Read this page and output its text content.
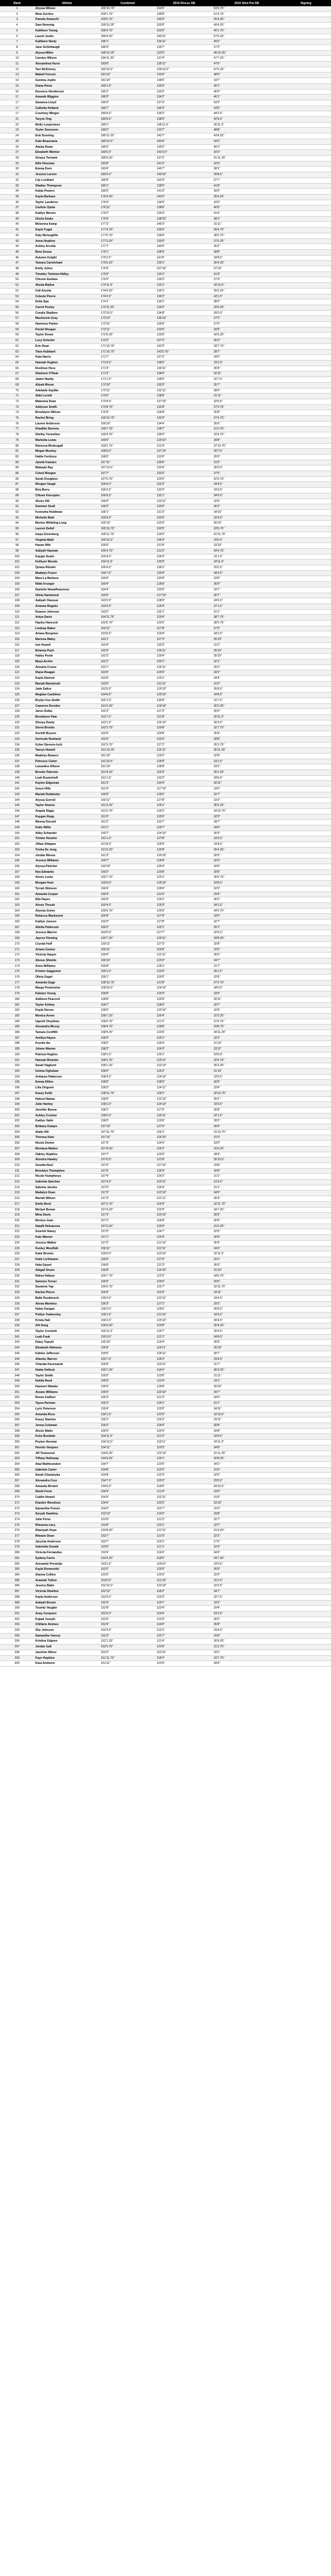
Rank	Athlete	Combined	2016 Discus SB	2016 Shot Put SB	Signing
1	Alyssa Wilson	200'10.75"	150'5"	53'0.75"	
2	Meia Gordon	200'1.75"	148'8"	51'4.75"	
3	Pamela Amaechi	200'0.75"	146'5"	55'4.25"	
4	Sam Noennig	199'10.25"	150'5"	49'4.25"	
5	Kathleen Young	200'4.75"	153'0"	46'1.75"	
6	Laurel Joslin	189'4.25"	140'11"	57'5.25"	
7	Kathleen Neely	186'1"	136'11"	49'2"	
8	Jane Schlobaugh	186'3"	139'7"	37'2"	
9	Alyssa Miller	186'10.25"	133'0"	46'10.25"	
10	Carolyn Wilson	184'11.25"	137'4"	47'7.25"	
11	Alexandrea Hurst	183'6"	135'11"	47'6"	
12	Taci McKinney	183'10.5"	136'10.5"	47'2.25"	
13	Mabell Forrest	181'10"	133'4"	48'6"	
14	Gemma Joplin	181'10"	138'6"	43'7"	
15	Kiana Pinck	180'1.5"	135'0"	45'1"	
16	Devonce Henderson	180'1"	133'2"	46'9"	
17	Amarah Wiggins	180'3"	134'2"	46'1"	
17	Savanna Lloyd	180'3"	137'3"	43'0"	
17	Cathelia Holland	180'7"	146'2"	43'5"	
17	Courtney Winger	180'4.5"	136'2"	44'2.5"	
21	Taryne Ong	180'6.5"	138'0"	42'6.5"	
22	Molly Lesperance	180'1"	148'11.5"	36'11.5"	
23	Teyler Sorenson	180'2"	133'7"	48'8"	
24	Erin Dunning	180'11.25"	143'7"	43'4.25"	
25	Kate Beaucama	180'10.5"	140'4"	44'2"	
26	Alaina Rowe	180'2"	135'0"	45'2"	
27	Elizabeth Weimer	180'6.5"	143'3.5"	43'3"	
28	Ginaca Tennant	180'6.25"	137'2"	41'11.25"	
29	Ellie Kleeman	183'8"	141'2"	42'6"	
30	Emma Dorn	183'4"	145'7"	38'1"	
31	Jessica Larson	180'6.5"	140'10"	39'8.5"	
32	Lily Lockhart	180'4"	143'3"	37'7"	
33	Shailey Thompson	180'1"	138'5"	41'8"	
34	Kahja Powers	180'6"	141'0"	39'6"	
35	Kayla Barbara	176'4.25"	140'2"	35'4.25"	
36	Taylor Landeros	176'4"	134'4"	43'0"	
37	Carlisle Ojeda	176'11"	138'6"	40'6"	
38	Kaitlyn Morelo	176'2"	136'3"	41'4"	
39	Gloria Seaks	176'0"	138'10"	38'1"	
40	Mckenna Kamp	177'2"	145'3"	31'11"	
41	Kayle Fugal	177'4.75"	136'0"	39'4.75"	
42	Katy Mcloughlin	177'6.75"	139'4"	38'2.75"	
43	Anna Hopkins	177'3.25"	139'9"	37'6.25"	
44	Ashley Arcelia	177'7"	144'6"	36'2"	
45	Brea Sousa	176'1"	138'5"	38'8"	
46	Autumn Knight	175'2.5"	141'6"	34'8.5"	
47	Tamara Carmichael	175'5.25"	139'1"	36'4.25"	
48	Emily Johns	175'4"	137'10"	37'10"	
49	Timothy Tinheim-Hidley	175'9"	134'1"	41'8"	
50	Chisom Ezekwe	174'0"	136'3"	37'9"	
51	Akeda Mallon	174'11.5"	132'1"	42'10.5"	
52	Cali Anzola	174'4.25"	135'1"	39'3.25"	
53	Celeste Pierce	174'2.5"	130'2"	43'1.5"	
54	Delia Spa	174'1"	136'1"	38'0"	
55	Carrol Posley	173'11.25"	134'2"	39'9.25"	
56	Coralie Skallern	173'10.5"	134'8"	39'2.5"	
57	Mackenzie Gray	173'10"	136'10"	37'0"	
58	Harmony Parker	173'11"	136'6"	37'5"	
59	Flerah Morgan	172'11"	133'6"	39'5"	
60	Taylor Doran	172'6.25"	129'9"	42'9.25"	
61	Lucy Schreier	172'5"	137'2"	35'3"	
62	Erin Dean	171'10.75"	143'3"	28'7.75"	
63	Tiara Hubbard	171'10.75"	143'3.75"	28'7"	
64	Kaia Harris	171'7"	137'2"	34'5"	
65	Hannah Hughes	171'4.5"	138'2"	33'2.5"	
66	Destinee Hess	171'3"	134'11"	36'4"	
67	Shannon O'Neal	171'3"	138'4"	32'11"	
68	Jaden Naulty	171'1.5"	138'6"	32'7.5"	
69	Aliyah Moore	170'10"	135'3"	35'7"	
70	Adelaide Aquilla	170'11"	132'11"	38'0"	
71	Abbi Loretti	170'5"	138'6"	31'11"	
72	Makenna Dean	170'4.5"	137'10"	32'6.5"	
73	Addyson Smith	170'8.75"	132'8"	37'0.75"	
74	Brooklynn Wilson	170'4"	134'8"	35'8"	
75	Rachel Bring	169'10.75"	132'6"	37'4.75"	
76	Lauren Anderson	169'10"	134'4"	35'6"	
77	Khadilia Stevens	169'7.75"	138'7"	31'0.75"	
78	Shelby Yermetten	169'4.75"	136'0"	33'4.75"	
79	Marbella Lewis	169'6"	129'10"	39'8"	
80	Ranessa Mcdougall	169'2.75"	131'4"	37'10.75"	
81	Megan Muckey	168'5.5"	137'10"	30'7.5"	
82	Hattie Forbisce	168'6"	133'6"	35'0"	
83	Jannik Kamaro	167'11"	136'6"	31'5"	
84	Makayla Ray	167'10.5"	132'4"	35'6.5"	
85	Celest Morgan	167'7"	130'2"	37'5"	
86	Sarah Douglass	167'6.75"	125'6"	42'0.75"	
87	Morgan Vaugh	166'6.5"	132'2"	34'4.5"	
88	Bria Berry	166'3.5"	132'0"	34'3.5"	
89	Chloee Kiesspies	166'6.5"	132'1"	34'5.5"	
90	Alexis Hill	166'4"	133'11"	32'5"	
91	Summer Snell	166'2"	130'0"	36'2"	
92	Fumezha Heidtman	166'1"	131'3"	34'10"	
93	Michelle Bald	165'9.5"	133'5"	32'4.5"	
94	Myrion Wihbling-Long	165'10"	125'0"	40'10"	
95	Lauren Detlef	165'10.75"	132'5"	33'5.75"	
96	Inaya Greenberg	165'11.75"	124'0"	41'11.75"	
97	Virginia Mahl	165'10.5"	136'4"	29'6.5"	
98	Havan Witt	165'6"	131'8"	33'10"	
99	Aaliyah Hayman	165'4.75"	131'0"	34'4.75"	
100	Kaygin Avant	165'4.5"	134'3"	31'1.5"	
101	Kelliyon Woods	164'11.5"	130'0"	34'11.5"	
102	Quiara Rhoder	165'4.5"	136'2"	29'2.5"	
103	Madaiyn Frazer	164'7.5"	130'4"	34'3.5"	
104	Mara La Barbera	164'6"	130'9"	33'9"	
105	Nikki Krueger	165'4"	128'9"	36'9"	
106	Danielle Nnwafhwunenu	164'4"	130'9"	33'7"	
107	Olivia Hammond	164'5"	127'10"	36'7"	
108	Aaliyah Owusuu	163'3.5"	128'9"	34'6.5"	
109	Arianna Regalsi	163'5.5"	126'4"	37'1.5"	
110	Ryanne Johnson	163'2"	132'1"	31'1"	
111	Aniya Davis	164'11.75"	126'4"	38'7.75"	
112	Hayley Hancock	163'5.75"	125'5"	38'0.75"	
113	Lindsay Baker	164'11"	127'8"	37'3"	
114	Ariana Bergsten	163'6.5"	129'4"	34'2.5"	
115	Marissa Maley	163'1"	127'3"	35'10"	
116	Isis Howell	163'4"	133'2"	31'2"	
117	Brianna Pack	162'9"	126'11"	35'10"	
118	Hailey Poole	162'2"	126'4"	35'10"	
119	Maya Archer	162'2"	130'1"	32'1"	
120	Alondra Cruise	162'1"	126'11"	35'2"	
121	Diana Reagan	163'6"	129'4"	34'2"	
122	Kayla Steinck	163'5"	129'1"	34'4"	
123	Mariah Bartuloski	163'5"	131'11"	31'6"	
124	Jade Salice	162'6.5"	126'10"	35'8.5"	
125	Meghan Castilmer	164'6.5"	129'10"	34'8.5"	
126	Brylyn Fox-Smith	162'1.5"	130'6"	31'7.5"	
127	Cameron Deroiter	161'0.25"	124'10"	36'2.25"	
128	Jaron Dufax	162'3"	127'3"	35'0"	
129	Brooklynn Pate	162'7.5"	131'8"	30'11.5"	
130	Shreya Dewly	162'1.5"	125'10"	36'3.5"	
131	Sierra Brooks	162'3.75"	129'8"	32'7.75"	
132	Xochitl Bryson	162'0"	126'8"	35'4"	
133	Gertrude Rowland	162'0"	133'4"	28'8"	
134	Kylee Stevens-Isch	162'3.75"	127'1"	35'2.75"	
135	Taeryn Nowell	161'10.25"	125'11"	35'11.25"	
136	Madelyn Bowers	161'10"	129'2"	32'8"	
137	Princess Carter	161'10.5"	128'9"	33'1.5"	
138	Lasandus Allison	161'10"	128'8"	33'2"	
139	Brooke Patronis	161'4.25"	126'3"	35'1.25"	
140	Leah Dusterhoft	161'1.5"	133'2"	28'0.5"	
141	Kaylen Edgeman	161'3"	130'4"	30'11"	
142	Grace Hills	161'4"	127'10"	33'6"	
143	Mariah Robbisher	160'9"	128'2"	32'7"	
144	Alyssa Gorrell	160'11"	127'8"	33'3"	
145	Taylor Hearne	161'3.25"	126'1"	35'2.25"	
146	Angela Diggs	161'0.75"	126'2"	34'10.75"	
147	Kaygan Repp	161'6"	129'6"	32'0"	
148	Weena Dorsett	161'2"	132'7"	28'7"	
149	Katie Willis	161'1"	126'7"	34'6"	
150	Abby Schaedel	160'7"	124'10"	35'9"	
151	Trinten Hendon	161'1.5"	127'8"	33'5.5"	
152	Jillian Shippee	161'8.5"	128'4"	33'4.5"	
153	Trisha De Jong	161'0.25"	125'8"	35'4.25"	
154	Jordan Menue	161'3"	130'10"	30'5"	
155	Jessica Williams	160'7"	128'4"	32'3"	
156	Alyssa Pletcher	160'10"	126'4"	34'6"	
157	Nya Edwards	160'2"	129'8"	30'6"	
158	Alexis Lewis	160'7.75"	125'1"	35'6.75"	
159	Morgan Hunt	160'6.5"	126'10"	33'8.5"	
160	Tyrrah Stimson	160'4"	128'4"	32'0"	
161	Amanda Cooper	160'4"	131'0"	29'4"	
162	Ella Hayes	160'3"	124'1"	36'2"	
163	Alexis Thrush	160'4.5"	126'3"	34'1.5"	
164	Alyssia Green	160'6.75"	126'6"	34'0.75"	
165	Rebecca Mackenzie	160'9"	127'4"	33'5"	
166	Kaitlyn Jenson	160'3"	127'8"	32'7"	
167	Alietta Patterson	160'2"	125'1"	35'1"	
168	Jessica Warren	160'0.5"	127'7"	32'5.5"	
169	Jaycee Fleming	160'7.25"	126'11"	34'8.25"	
170	Crystal Huff	159'11"	127'3"	32'8"	
171	Ariana Gomez	159'11"	126'9"	33'2"	
172	Victoria Harper	159'4"	122'11"	36'5"	
173	Alexus Shields	159'10"	125'3"	34'7"	
174	Anna Williams	159'8"	128'1"	31'7"	
175	Kristen Gaggenoo	159'1.5"	123'0"	36'1.5"	
176	Olivia Gegel	159'1"	126'5"	32'8"	
177	Amanda Gage	158'10.75"	121'8"	37'2.75"	
178	Margo Porterwine	158'10.5"	124'10"	34'0.5"	
179	Katelyn Young	158'9"	125'3"	33'6"	
180	Addison Peacock	158'8"	129'9"	28'11"	
181	Taylor Kirkley	158'7"	128'0"	30'7"	
182	Kayla Steven	158'6"	125'10"	32'8"	
183	Monica Arens	158'7.25"	126'4"	32'3.25"	
184	Ugochi Onyekwu	158'6.75"	121'2"	37'4.75"	
185	Alexandra Mccoy	158'4.75"	128'8"	29'8.75"	
186	Tamara Conflitti	158'5.25"	123'6"	34'11.25"	
187	Amiliya Hayne	158'3"	126'1"	32'2"	
188	Krystle Ike	158'2"	126'4"	31'10"	
189	Jolene Warner	158'2"	124'3"	33'11"	
190	Patricia Hughes	158'1.5"	125'1"	33'0.5"	
191	Hannah Ricketts	158'3.75"	125'11"	32'4.75"	
192	Sarah Haglund	158'1.25"	122'10"	35'3.25"	
193	Isioma Oghuban	158'0"	126'2"	31'10"	
194	Antiaura Patterson	158'3.5"	124'10"	33'5.5"	
195	Emma Dillon	158'5"	128'0"	30'5"	
196	Lilia Origuret	158'3"	124'11"	33'4"	
197	Kasey Keith	158'11.75"	128'1"	30'10.75"	
198	Haleva Nawas	158'0"	122'10"	35'2"	
199	Julie Hartley	158'1.5"	124'10"	33'3.5"	
200	Jennifer Boone	158'1"	127'5"	30'8"	
201	Ashley Crocker	158'0.5"	125'11"	32'1.5"	
202	Kaitlyn Vaiht	158'0"	129'9"	28'3"	
203	Brittany Kamps	157'10"	127'4"	30'6"	
204	Alalie Hill	157'11.75"	126'1"	31'10.75"	
205	Theresa Kato	157'10"	126'10"	31'0"	
206	Nicole Dorien	157'9"	124'9"	33'0"	
207	Montana Mattox	157'8.25"	126'2"	31'6.25"	
208	Oakley Hopkins	157'7"	129'3"	28'4"	
209	Alondra Hawley	157'6.5"	121'8"	35'10.5"	
210	Zenetta Noel	157'6"	127'10"	29'8"	
211	Brooklyn Thompkins	157'5"	126'9"	30'8"	
212	Nicole Humphreys	157'4"	126'2"	31'2"	
213	Gabriela Sanchez	157'4.5"	125'11"	31'5.5"	
214	Sabrina Jacobs	157'5"	126'4"	31'1"	
215	Madalyn Dean	157'3"	122'10"	34'5"	
216	Mariah Wilson	157'3"	121'11"	35'4"	
217	Emily Beck	157'2.75"	124'3"	32'11.75"	
218	Ma'lani Brown	157'4.25"	122'9"	34'7.25"	
219	Mina Davis	157'3"	120'10"	36'5"	
220	Monica Joan	157'2"	126'8"	30'6"	
221	Natalli Nekrasova	157'0.25"	125'6"	31'6.25"	
222	Scarlett Haney	157'0"	124'7"	32'5"	
223	Kate Warner	157'1"	126'4"	30'9"	
224	Jessica Walker	157'2"	121'10"	35'4"	
225	Kenley Woolfolk	156'11"	122'11"	34'0"	
226	Katie Brooks	156'9.5"	123'10"	32'11.5"	
227	Katie Lichtmann	156'6"	127'5"	29'1"	
228	Hala Gayed	156'8"	121'3"	35'5"	
229	Abigail Druen	156'8"	124'10"	31'10"	
230	Ndeye Ndiaye	156'7.75"	122'2"	34'5.75"	
231	Samone Turner	156'6"	126'0"	30'6"	
232	Savanna Yap	156'6.75"	123'7"	32'11.75"	
233	Rachel Pierce	156'5"	122'6"	33'11"	
234	Balle Ruskkosch	156'3.5"	122'11"	33'4.5"	
235	Alexia Martinez	156'3"	127'1"	29'2"	
236	Haley Kangas	156'2.5"	119'6"	36'8.5"	
237	Pelilyn Tankersley	156'1.5"	121'10"	34'3.5"	
238	Krista Hall	156'2.5"	125'10"	30'4.5"	
239	Alli Song	156'0.25"	120'8"	35'4.25"	
240	Taylor Crockett	155'11.5"	125'7"	30'4.5"	
241	Leah Fouk	155'9.5"	121'1"	34'8.5"	
242	Daisy Tupuhi	155'10"	119'4"	36'6"	
243	Elizabeth Atkinson	155'9"	119'11"	35'10"	
244	Kahlen Jefferson	155'6"	124'11"	30'7"	
245	Atlantis Warren	155'7.5"	126'3"	29'4.5"	
246	Yolanda Kaczmarek	155'6"	123'11"	31'7"	
247	Hattie Hellock	155'7.25"	119'4"	36'3.25"	
248	Taylor Smith	155'5"	123'6"	31'11"	
249	Nekila Reed	155'5"	122'4"	33'1"	
250	Hamneri Mateke	155'6"	124'8"	30'10"	
251	Aisane Williams	155'5"	120'10"	34'7"	
252	Renee Kalfizer	155'3"	121'3"	34'0"	
253	Taysa Herman	155'2"	124'1"	31'1"	
254	Lyric Peterson	155'4"	120'5"	34'11"	
255	Amanda Ross	155'1.5"	122'3"	32'10.5"	
256	Kasey Stanton	155'1"	125'2"	29'11"	
257	Jenna Coleman	155'2"	124'6"	30'8"	
258	Alexis Watts	155'0"	120'4"	34'8"	
259	Kelsi Burdette	154'11.5"	121'2"	33'9.5"	
260	Peytyn Herman	154'10.5"	119'11"	34'11.5"	
261	Hezelis Vasquez	154'11"	120'3"	34'8"	
262	Jill Townsend	154'9.25"	122'10"	31'11.25"	
263	Tiffany Holloway	154'9.25"	124'1"	30'8.25"	
264	Akai Mathisondon	154'7"	120'5"	34'2"	
265	Gabriela Carter	154'8"	123'2"	31'6"	
266	Sarah Chwojnyka	154'8"	122'3"	32'5"	
267	Alexandra Cruz	154'7.5"	125'2"	29'5.5"	
268	Amanda Wrobel	154'6.5"	119'8"	34'10.5"	
269	Steelt Frenz	154'4"	121'4"	33'0"	
270	Caitlin Howell	154'5"	122'11"	31'6"	
271	Kiandre Woodson	154'0"	120'2"	33'10"	
272	Samantha Ponsis	154'0"	122'7"	31'5"	
273	Seryah Dawkins	153'10"	124'2"	29'8"	
274	Julie Perez	153'9"	121'2"	32'7"	
275	Rheanna Lacy	153'8"	120'1"	33'7"	
276	Shaniyah Hope	153'8.25"	121'11"	31'9.25"	
277	Rheann Dean	153'7"	121'5"	32'2"	
278	Jacynta Anderson	153'7"	126'1"	27'6"	
279	Gabriella Oswalt	153'5"	121'1"	32'4"	
280	Victoria Fernandes	153'4"	119'4"	34'0"	
281	Sydney Farris	153'4.25"	118'9"	34'7.25"	
282	Amoaette Prestuljo	153'1.5"	119'10"	33'3.5"	
283	Kayla Romenskii	153'2"	126'5"	26'9"	
284	Alanna Collins	153'0"	120'3"	32'9"	
285	Anamah Tufton	153'0.5"	121'10"	31'2.5"	
286	Jessica Batts	152'10.5"	120'10"	32'0.5"	
287	Victoria Sheldon	152'10"	118'3"	34'7"	
288	Kayla Anderson	152'9.5"	120'2"	32'7.5"	
289	Aaliyah Brown	152'9"	119'7"	33'2"	
290	Toonily Vaughn	152'8"	123'4"	29'4"	
291	Anay Cerquero	152'6.5"	119'4"	33'2.5"	
292	Kajaal Joseph	152'6"	122'4"	30'2"	
293	Chillarie Ammes	152'4"	116'8"	35'8"	
294	Shy Johnson	152'5.5"	123'1"	29'4.5"	
295	Samantha Yancey	152'3"	122'7"	29'8"	
296	Kristine Edgren	152'1.25"	121'4"	30'9.25"	
297	Jordan Gall	152'0.75"	120'9"	31'3.75"	
298	Jasmine Weiss	152'0"	122'11"	29'1"	
299	Faye Hopkins	151'11.75"	118'4"	33'7.75"	
300	Kara Ardmore	151'11"	123'5"	28'6"	
